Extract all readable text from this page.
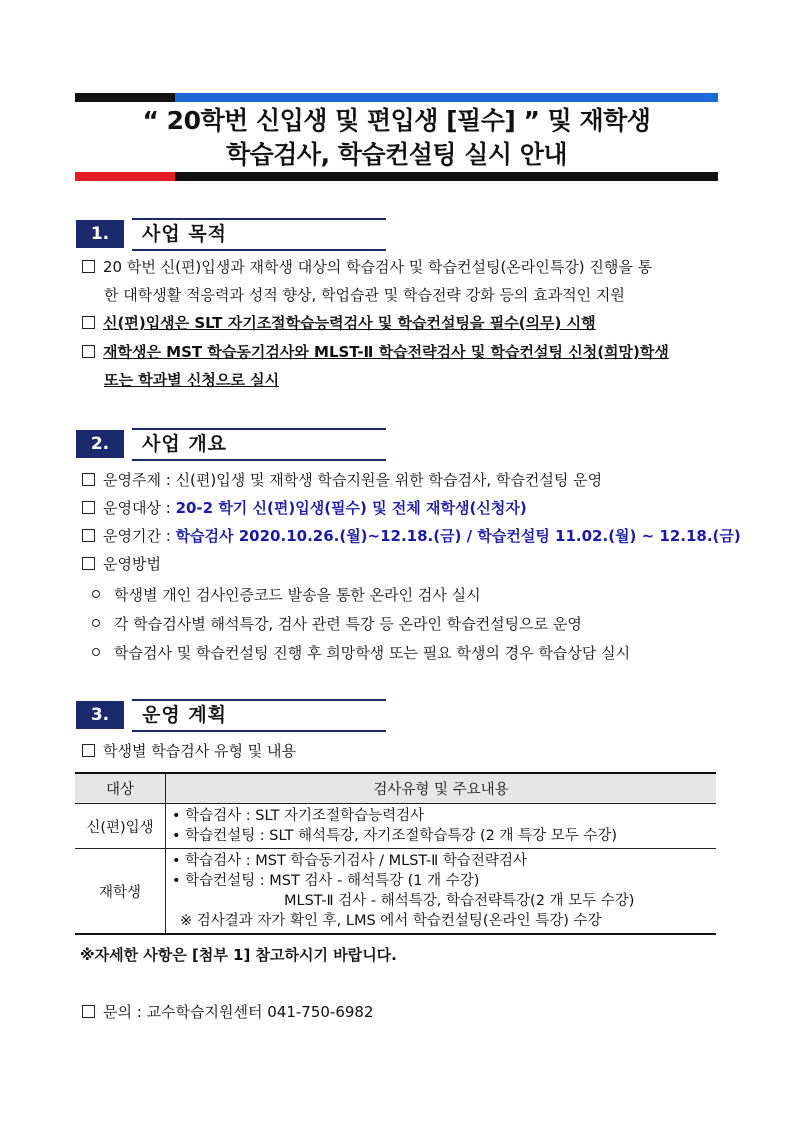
“ 20학번 신입생 및 편입생 [필수] ” 및 재학생
학습검사, 학습컨설팅 실시 안내
1.	사업 목적
20 학번 신(편)입생과 재학생 대상의 학습검사 및 학습컨설팅(온라인특강) 진행을 통
한 대학생활 적응력과 성적 향상, 학업습관 및 학습전략 강화 등의 효과적인 지원
신(편)입생은 SLT 자기조절학습능력검사 및 학습컨설팅을 필수(의무) 시행
재학생은 MST 학습동기검사와 MLST-Ⅱ 학습전략검사 및 학습컨설팅 신청(희망)학생
또는 학과별 신청으로 실시
2.	사업 개요
운영주제 : 신(편)입생 및 재학생 학습지원을 위한 학습검사, 학습컨설팅 운영
운영대상 : 20-2 학기 신(편)입생(필수) 및 전체 재학생(신청자)
운영기간 : 학습검사 2020.10.26.(월)~12.18.(금) / 학습컨설팅 11.02.(월) ~ 12.18.(금)
운영방법
학생별 개인 검사인증코드 발송을 통한 온라인 검사 실시
각 학습검사별 해석특강, 검사 관련 특강 등 온라인 학습컨설팅으로 운영
학습검사 및 학습컨설팅 진행 후 희망학생 또는 필요 학생의 경우 학습상담 실시
3.	운영 계획
학생별 학습검사 유형 및 내용
대상	검사유형 및 주요내용
신(편)입생	• 학습검사 : SLT 자기조절학습능력검사
• 학습컨설팅 : SLT 해석특강, 자기조절학습특강 (2 개 특강 모두 수강)

재학생	• 학습검사 : MST 학습동기검사 / MLST-Ⅱ 학습전략검사
• 학습컨설팅 : MST 검사 - 해석특강 (1 개 수강)
MLST-Ⅱ 검사 - 해석특강, 학습전략특강(2 개 모두 수강)
※ 검사결과 자가 확인 후, LMS 에서 학습컨설팅(온라인 특강) 수강
※자세한 사항은 [첨부 1] 참고하시기 바랍니다.
문의 : 교수학습지원센터 041-750-6982
